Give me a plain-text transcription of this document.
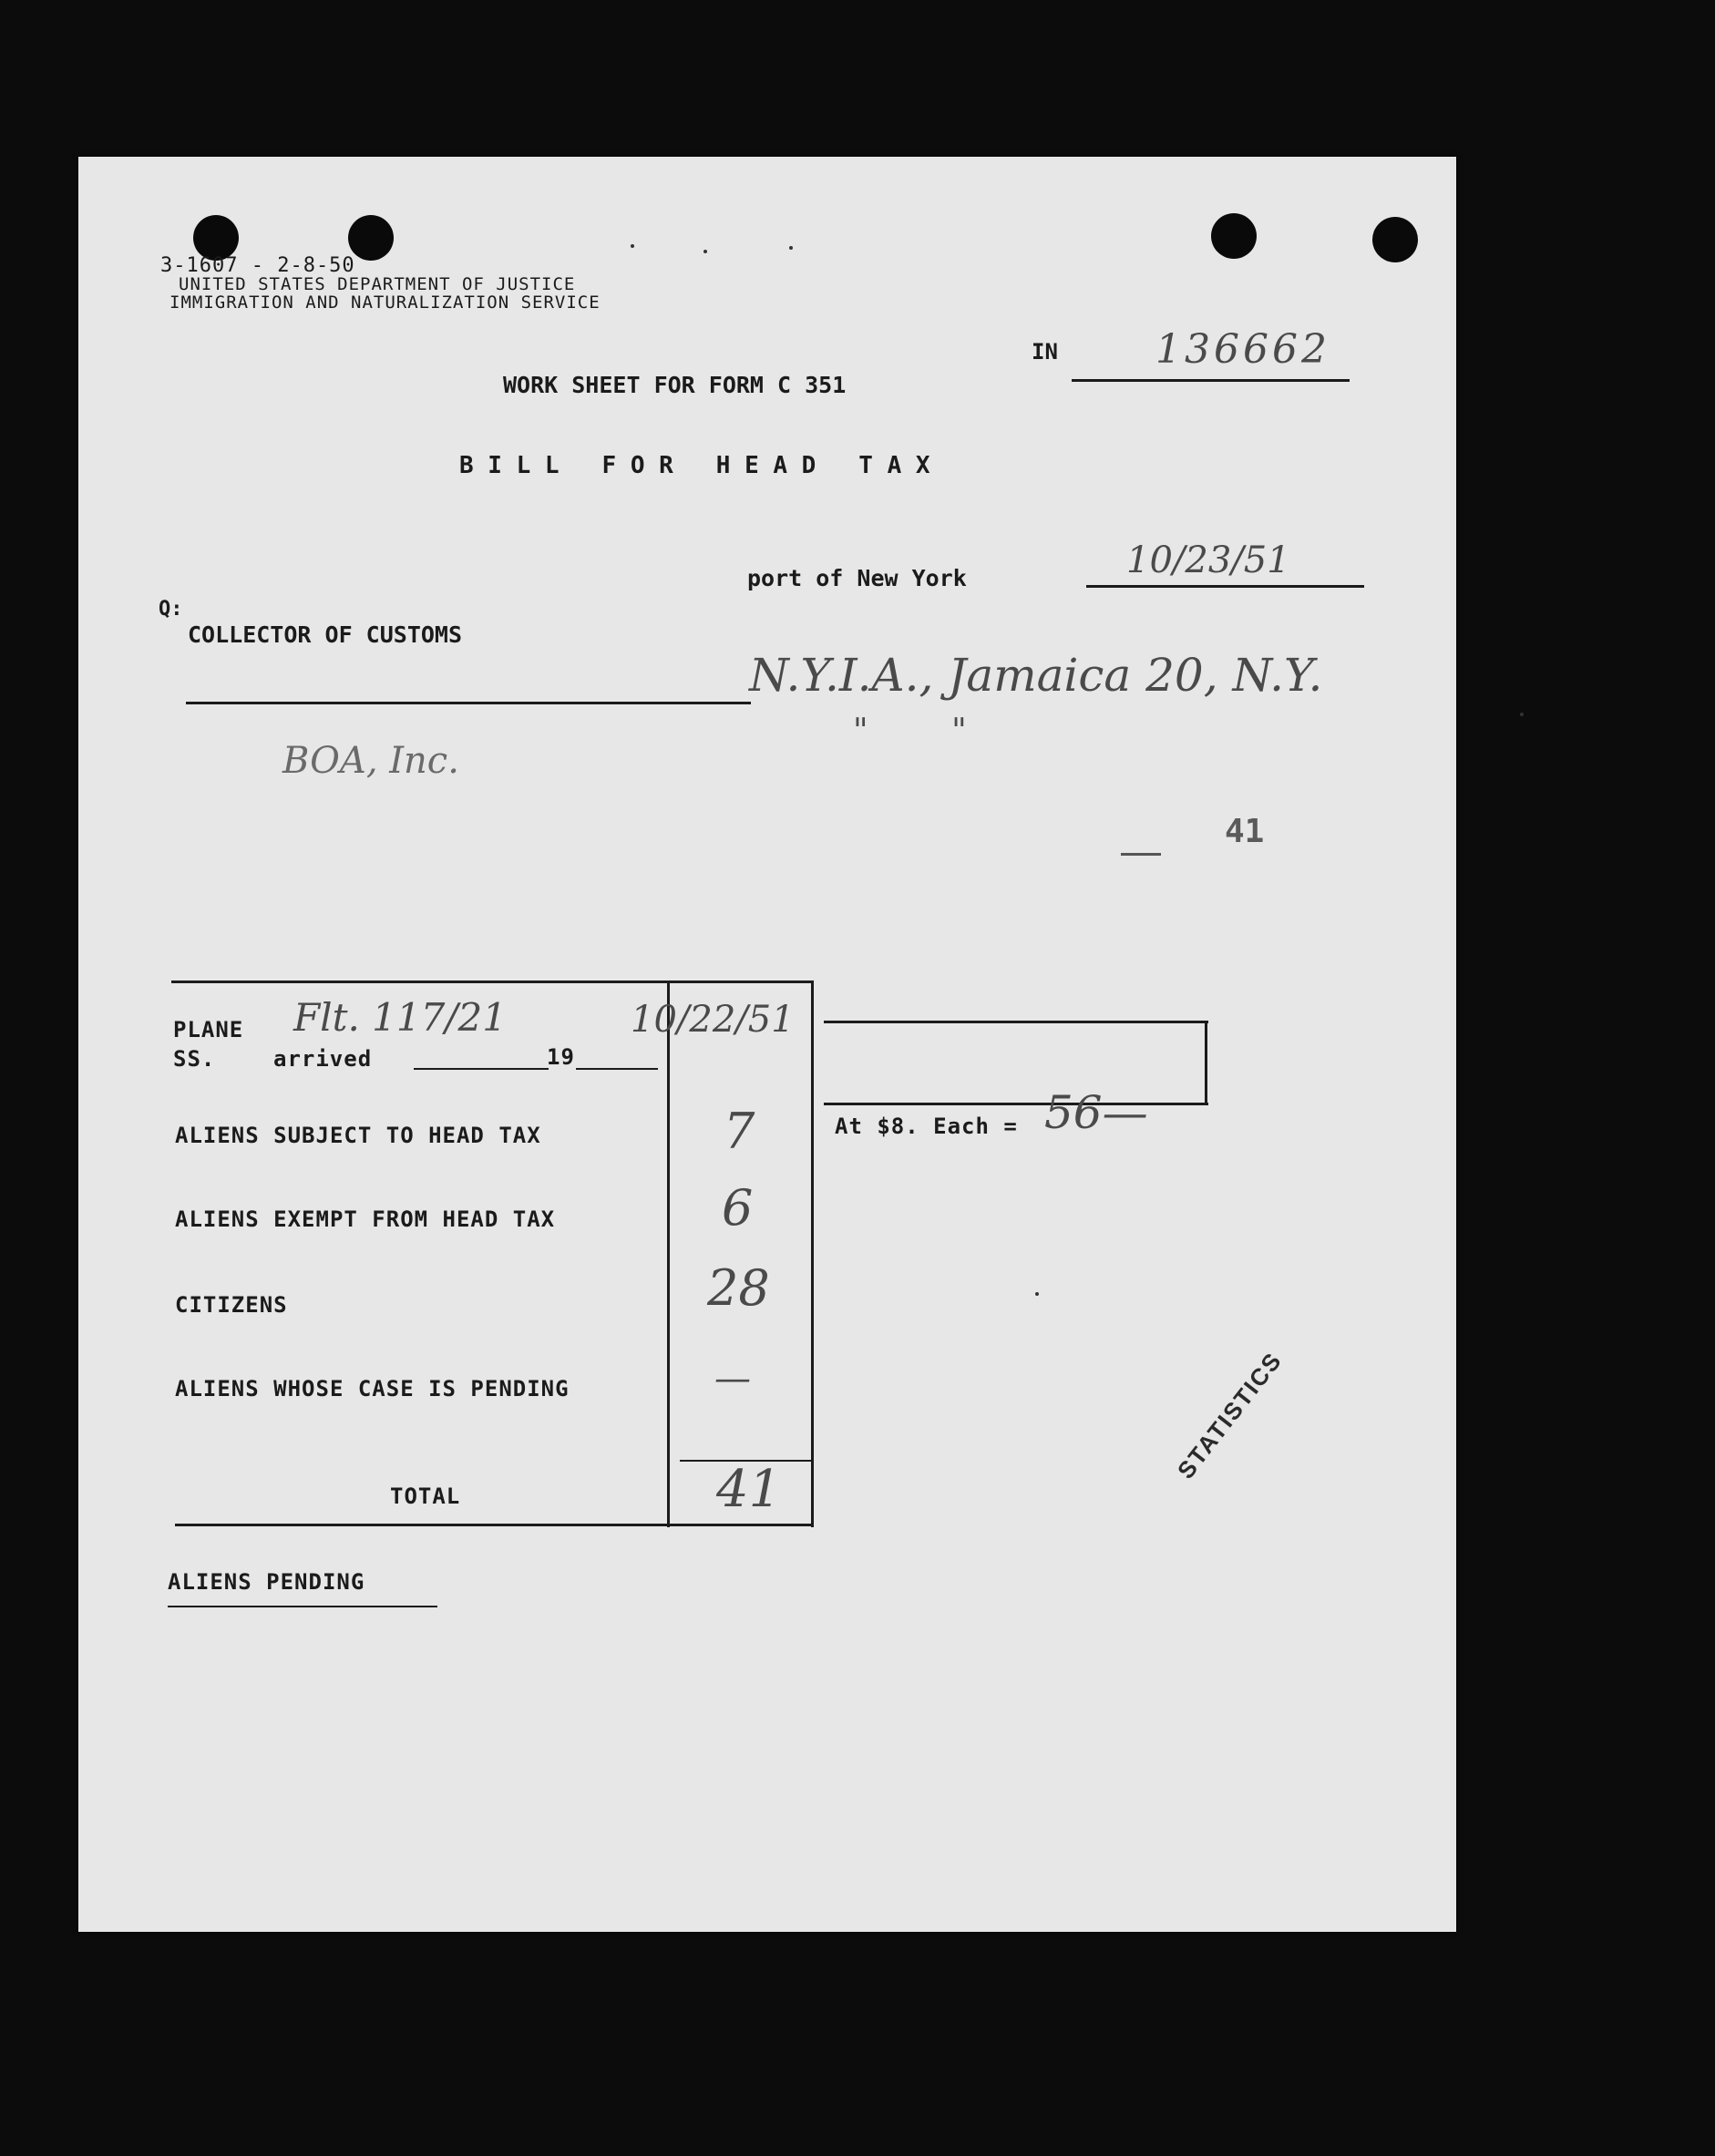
3-1607 - 2-8-50
UNITED STATES DEPARTMENT OF JUSTICE
IMMIGRATION AND NATURALIZATION SERVICE
IN 136662
WORK SHEET FOR FORM C 351
B I L L   F O R   H E A D   T A X
port of New York	10/23/51
Q:
COLLECTOR OF CUSTOMS
N.Y.I.A., Jamaica 20, N.Y.
"        "
BOA, Inc.
41
PLANE Flt. 117/21
SS.	arrived	19
10/22/51
ALIENS SUBJECT TO HEAD TAX	7
ALIENS EXEMPT FROM HEAD TAX	6
CITIZENS	28
ALIENS WHOSE CASE IS PENDING	—
TOTAL	41
At $8. Each = 56—
ALIENS PENDING
STATISTICS
